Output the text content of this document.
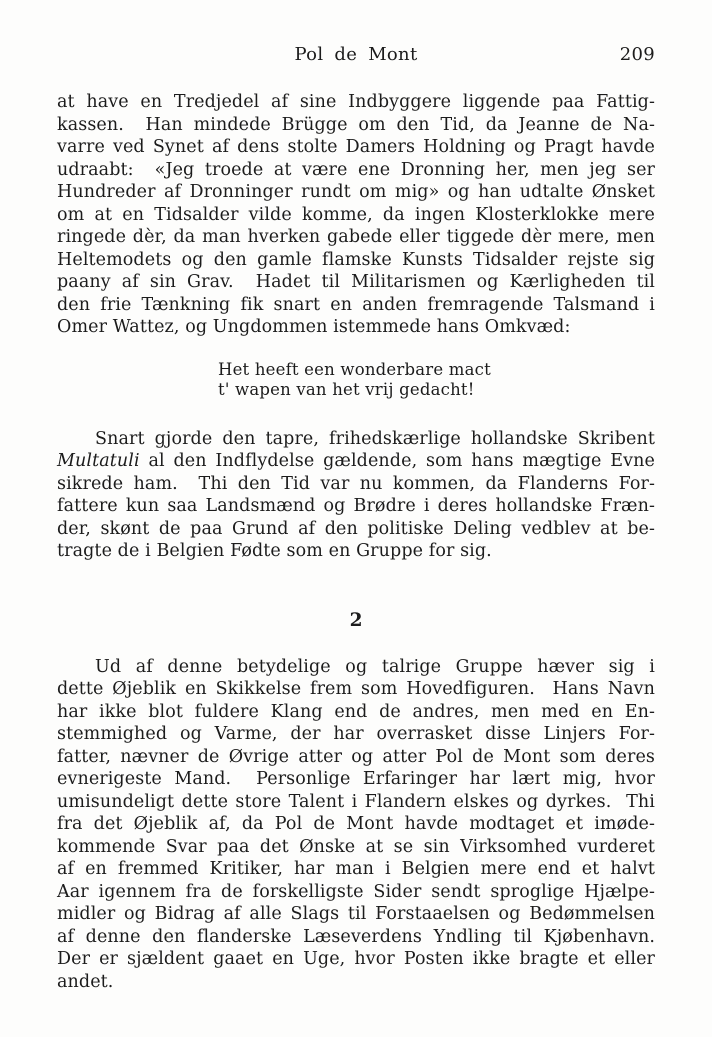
Pol de Mont	209
at have en Tredjedel af sine Indbyggere liggende paa Fattig-
kassen.  Han mindede Brügge om den Tid, da Jeanne de Na-
varre ved Synet af dens stolte Damers Holdning og Pragt havde
udraabt:  «Jeg troede at være ene Dronning her, men jeg ser
Hundreder af Dronninger rundt om mig» og han udtalte Ønsket
om at en Tidsalder vilde komme, da ingen Klosterklokke mere
ringede dèr, da man hverken gabede eller tiggede dèr mere, men
Heltemodets og den gamle flamske Kunsts Tidsalder rejste sig
paany af sin Grav.  Hadet til Militarismen og Kærligheden til
den frie Tænkning fik snart en anden fremragende Talsmand i
Omer Wattez, og Ungdommen istemmede hans Omkvæd:
Het heeft een wonderbare mact
t' wapen van het vrij gedacht!
Snart gjorde den tapre, frihedskærlige hollandske Skribent
Multatuli al den Indflydelse gældende, som hans mægtige Evne
sikrede ham.  Thi den Tid var nu kommen, da Flanderns For-
fattere kun saa Landsmænd og Brødre i deres hollandske Fræn-
der, skønt de paa Grund af den politiske Deling vedblev at be-
tragte de i Belgien Fødte som en Gruppe for sig.
2
Ud af denne betydelige og talrige Gruppe hæver sig i
dette Øjeblik en Skikkelse frem som Hovedfiguren.  Hans Navn
har ikke blot fuldere Klang end de andres, men med en En-
stemmighed og Varme, der har overrasket disse Linjers For-
fatter, nævner de Øvrige atter og atter Pol de Mont som deres
evnerigeste Mand.  Personlige Erfaringer har lært mig, hvor
umisundeligt dette store Talent i Flandern elskes og dyrkes.  Thi
fra det Øjeblik af, da Pol de Mont havde modtaget et imøde-
kommende Svar paa det Ønske at se sin Virksomhed vurderet
af en fremmed Kritiker, har man i Belgien mere end et halvt
Aar igennem fra de forskelligste Sider sendt sproglige Hjælpe-
midler og Bidrag af alle Slags til Forstaaelsen og Bedømmelsen
af denne den flanderske Læseverdens Yndling til Kjøbenhavn.
Der er sjældent gaaet en Uge, hvor Posten ikke bragte et eller
andet.
